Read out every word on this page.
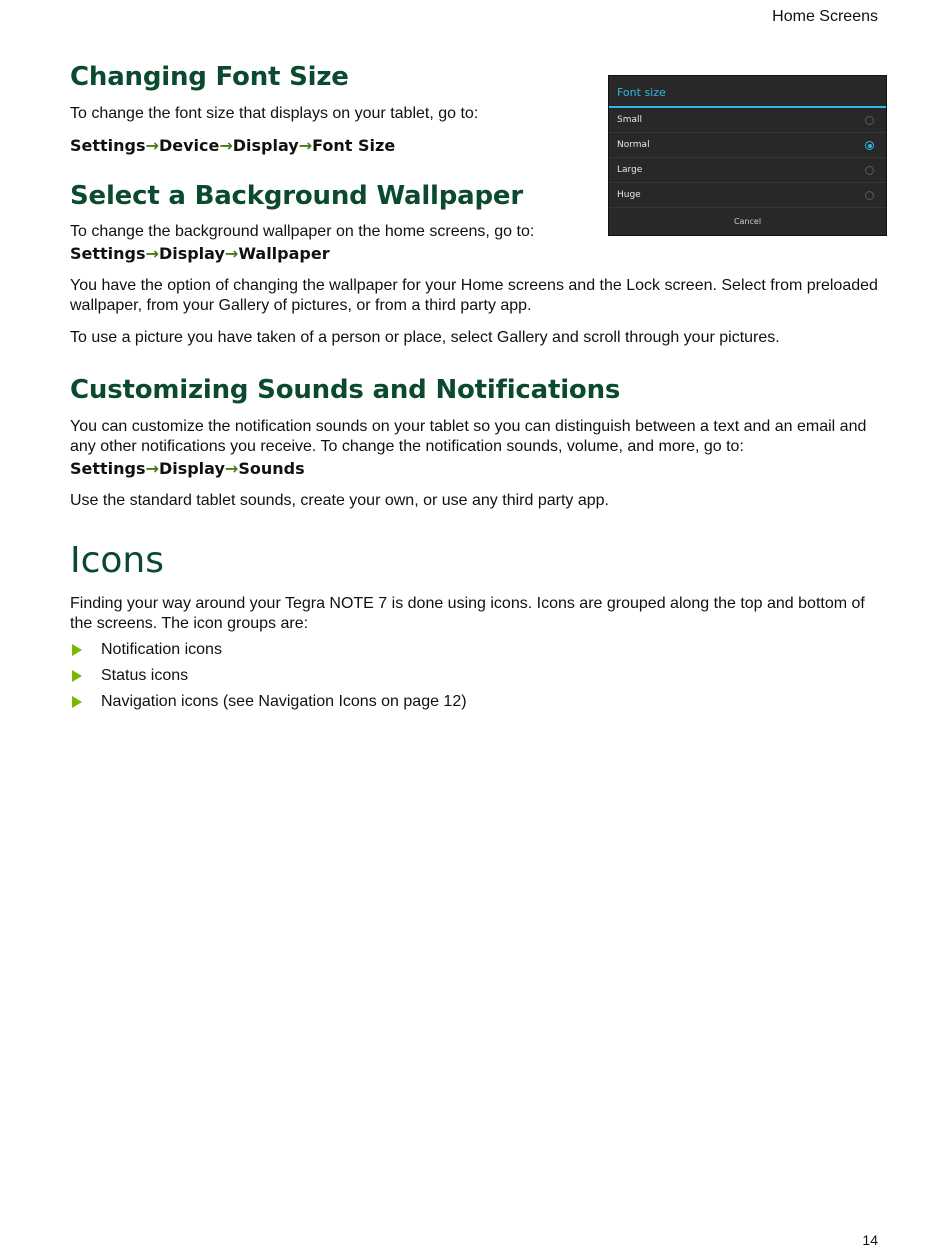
Home Screens
Font size
Small
Normal
Large
Huge
Cancel
Changing Font Size

To change the font size that displays on your tablet, go to:

Settings→Device→Display→Font Size
Select a Background Wallpaper

To change the background wallpaper on the home screens, go to:

Settings→Display→Wallpaper

You have the option of changing the wallpaper for your Home screens and the Lock screen. Select from preloaded wallpaper, from your Gallery of pictures, or from a third party app.

To use a picture you have taken of a person or place, select Gallery and scroll through your pictures.

Customizing Sounds and Notifications

You can customize the notification sounds on your tablet so you can distinguish between a text and an email and any other notifications you receive. To change the notification sounds, volume, and more, go to:

Settings→Display→Sounds

Use the standard tablet sounds, create your own, or use any third party app.

Icons

Finding your way around your Tegra NOTE 7 is done using icons. Icons are grouped along the top and bottom of the screens. The icon groups are:

Notification icons
Status icons
Navigation icons (see Navigation Icons on page 12)
14
